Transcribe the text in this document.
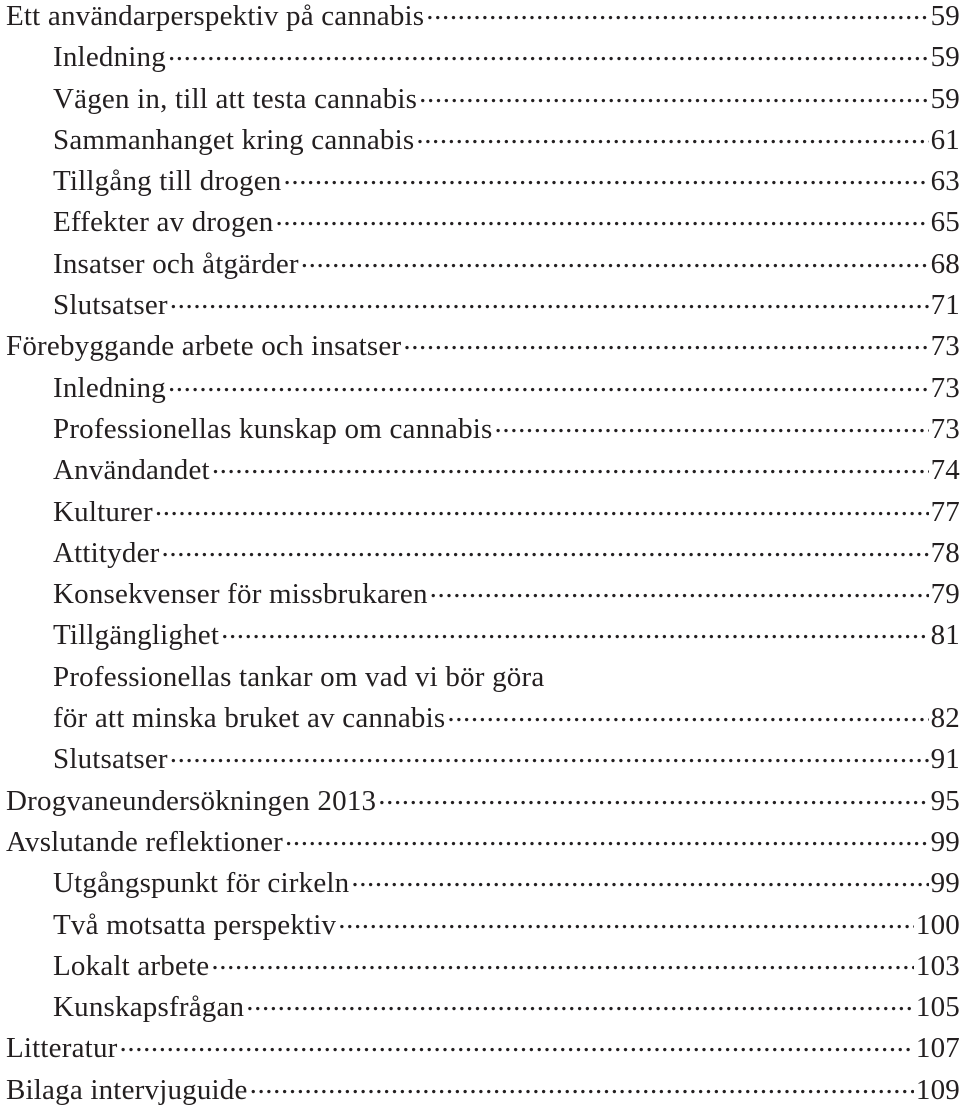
Ett användarperspektiv på cannabis .....	59
Inledning .....	59
Vägen in, till att testa cannabis .....	59
Sammanhanget kring cannabis .....	61
Tillgång till drogen .....	63
Effekter av drogen .....	65
Insatser och åtgärder .....	68
Slutsatser .....	71
Förebyggande arbete och insatser .....	73
Inledning .....	73
Professionellas kunskap om cannabis .....	73
Användandet .....	74
Kulturer .....	77
Attityder .....	78
Konsekvenser för missbrukaren .....	79
Tillgänglighet .....	81
Professionellas tankar om vad vi bör göra
för att minska bruket av cannabis .....	82
Slutsatser .....	91
Drogvaneundersökningen 2013 .....	95
Avslutande reflektioner .....	99
Utgångspunkt för cirkeln .....	99
Två motsatta perspektiv .....	100
Lokalt arbete .....	103
Kunskapsfrågan .....	105
Litteratur .....	107
Bilaga intervjuguide .....	109
